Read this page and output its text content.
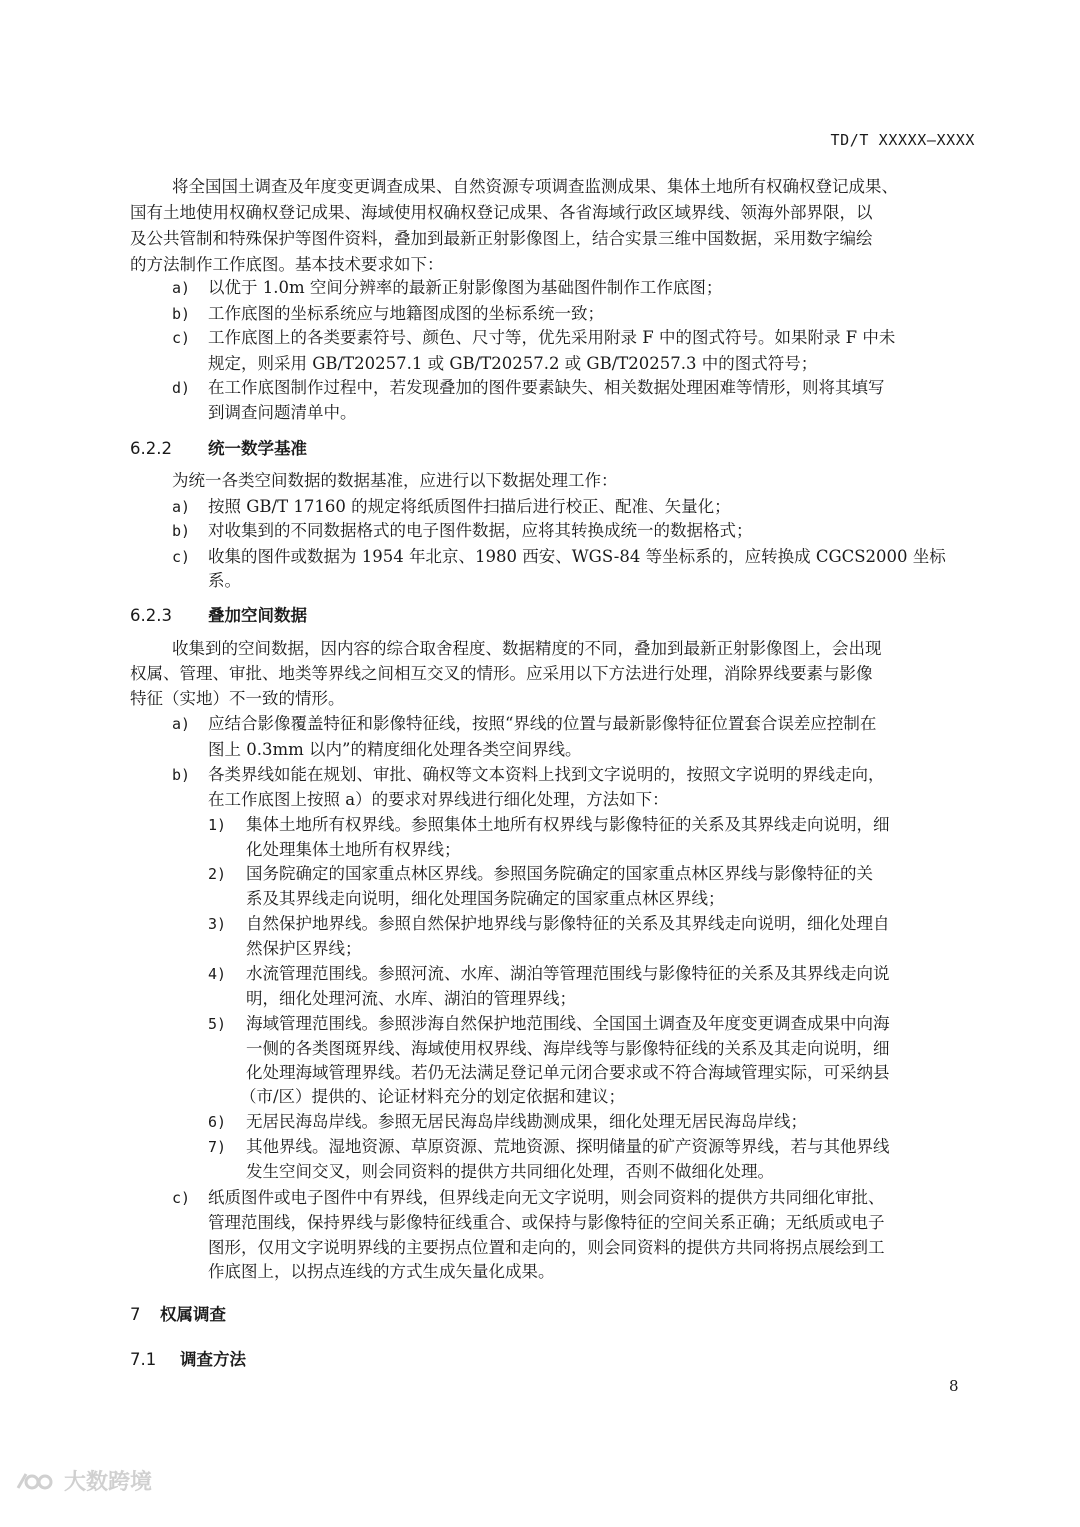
TD/T XXXXX—XXXX
将全国国土调查及年度变更调查成果、自然资源专项调查监测成果、集体土地所有权确权登记成果、
国有土地使用权确权登记成果、海域使用权确权登记成果、各省海域行政区域界线、领海外部界限，以
及公共管制和特殊保护等图件资料，叠加到最新正射影像图上，结合实景三维中国数据，采用数字编绘
的方法制作工作底图。基本技术要求如下：
a) 以优于 1.0m 空间分辨率的最新正射影像图为基础图件制作工作底图；
b) 工作底图的坐标系统应与地籍图成图的坐标系统一致；
c) 工作底图上的各类要素符号、颜色、尺寸等，优先采用附录 F 中的图式符号。如果附录 F 中未
规定，则采用 GB/T20257.1 或 GB/T20257.2 或 GB/T20257.3 中的图式符号；
d) 在工作底图制作过程中，若发现叠加的图件要素缺失、相关数据处理困难等情形，则将其填写
到调查问题清单中。
6.2.2 统一数学基准
为统一各类空间数据的数据基准，应进行以下数据处理工作：
a) 按照 GB/T 17160 的规定将纸质图件扫描后进行校正、配准、矢量化；
b) 对收集到的不同数据格式的电子图件数据，应将其转换成统一的数据格式；
c) 收集的图件或数据为 1954 年北京、1980 西安、WGS-84 等坐标系的，应转换成 CGCS2000 坐标
系。
6.2.3 叠加空间数据
收集到的空间数据，因内容的综合取舍程度、数据精度的不同，叠加到最新正射影像图上，会出现
权属、管理、审批、地类等界线之间相互交叉的情形。应采用以下方法进行处理，消除界线要素与影像
特征（实地）不一致的情形。
a) 应结合影像覆盖特征和影像特征线，按照“界线的位置与最新影像特征位置套合误差应控制在
图上 0.3mm 以内”的精度细化处理各类空间界线。
b) 各类界线如能在规划、审批、确权等文本资料上找到文字说明的，按照文字说明的界线走向，
在工作底图上按照 a）的要求对界线进行细化处理，方法如下：
1) 集体土地所有权界线。参照集体土地所有权界线与影像特征的关系及其界线走向说明，细
化处理集体土地所有权界线；
2) 国务院确定的国家重点林区界线。参照国务院确定的国家重点林区界线与影像特征的关
系及其界线走向说明，细化处理国务院确定的国家重点林区界线；
3) 自然保护地界线。参照自然保护地界线与影像特征的关系及其界线走向说明，细化处理自
然保护区界线；
4) 水流管理范围线。参照河流、水库、湖泊等管理范围线与影像特征的关系及其界线走向说
明，细化处理河流、水库、湖泊的管理界线；
5) 海域管理范围线。参照涉海自然保护地范围线、全国国土调查及年度变更调查成果中向海
一侧的各类图斑界线、海域使用权界线、海岸线等与影像特征线的关系及其走向说明，细
化处理海域管理界线。若仍无法满足登记单元闭合要求或不符合海域管理实际，可采纳县
（市/区）提供的、论证材料充分的划定依据和建议；
6) 无居民海岛岸线。参照无居民海岛岸线勘测成果，细化处理无居民海岛岸线；
7) 其他界线。湿地资源、草原资源、荒地资源、探明储量的矿产资源等界线，若与其他界线
发生空间交叉，则会同资料的提供方共同细化处理，否则不做细化处理。
c) 纸质图件或电子图件中有界线，但界线走向无文字说明，则会同资料的提供方共同细化审批、
管理范围线，保持界线与影像特征线重合、或保持与影像特征的空间关系正确；无纸质或电子
图形，仅用文字说明界线的主要拐点位置和走向的，则会同资料的提供方共同将拐点展绘到工
作底图上，以拐点连线的方式生成矢量化成果。
7 权属调查
7.1 调查方法
8
大数跨境
